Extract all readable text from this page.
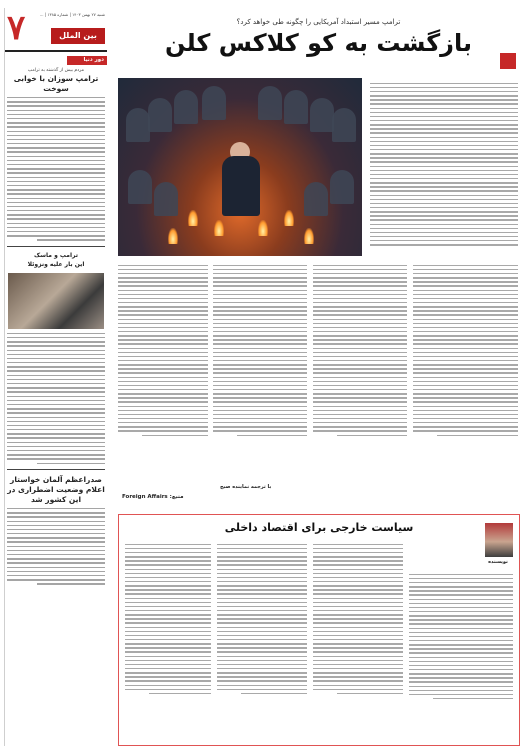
٧	شنبه ۲۷ بهمن ۱۴۰۳ | شماره ۱۳۸۵ | ...
بین الملل
دور دنیا
مردم بیش از گذشته به ترامپ
ترامپ سوزان با خوابی سوخت
ترامپ و ماسک
این بار علیه ونزوئلا
صدراعظم آلمان خواستار اعلام وضعیت اضطراری در این کشور شد
ترامپ مسیر استبداد آمریکایی را چگونه طی خواهد کرد؟
بازگشت به کو کلاکس کلن
با ترجمه نماینده صبح
منبع: Foreign Affairs
سیاست خارجی برای اقتصاد داخلی
نویسنده
